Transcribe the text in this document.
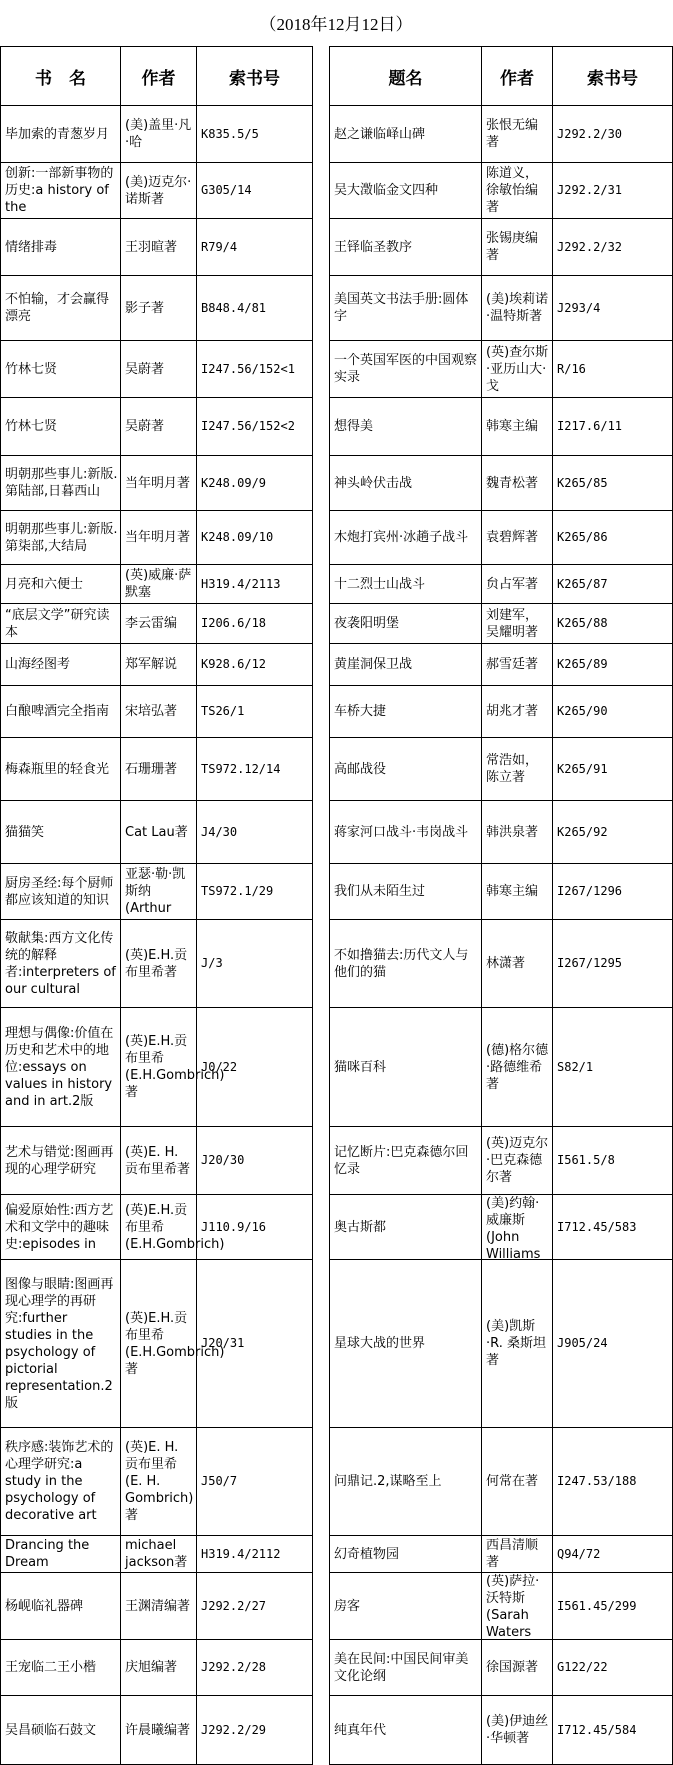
（2018年12月12日）
书　名	作者	索书号

毕加索的青葱岁月	(美)盖里·凡·哈	K835.5/5

创新:一部新事物的历史:a history of the	(美)迈克尔·诺斯著	G305/14

情绪排毒	王羽暄著	R79/4

不怕输，才会赢得漂亮	影子著	B848.4/81

竹林七贤	吴蔚著	I247.56/152<1

竹林七贤	吴蔚著	I247.56/152<2

明朝那些事儿:新版.第陆部,日暮西山	当年明月著	K248.09/9

明朝那些事儿:新版.第柒部,大结局	当年明月著	K248.09/10

月亮和六便士	(英)威廉·萨默塞	H319.4/2113

“底层文学”研究读本	李云雷编	I206.6/18

山海经图考	郑军解说	K928.6/12

白酿啤酒完全指南	宋培弘著	TS26/1

梅森瓶里的轻食光	石珊珊著	TS972.12/14

猫猫笑	Cat Lau著	J4/30

厨房圣经:每个厨师都应该知道的知识	亚瑟·勒·凯斯纳(Arthur	TS972.1/29

敬献集:西方文化传统的解释者:interpreters of our cultural	(英)E.H.贡布里希著	J/3

理想与偶像:价值在历史和艺术中的地位:essays on values in history and in art.2版	(英)E.H.贡布里希(E.H.Gombrich)著	J0/22

艺术与错觉:图画再现的心理学研究	(英)E. H. 贡布里希著	J20/30

偏爱原始性:西方艺术和文学中的趣味史:episodes in	(英)E.H.贡布里希(E.H.Gombrich)	J110.9/16

图像与眼睛:图画再现心理学的再研究:further studies in the psychology of pictorial representation.2版	(英)E.H.贡布里希(E.H.Gombrich)著	J20/31

秩序感:装饰艺术的心理学研究:a study in the psychology of decorative art	(英)E. H. 贡布里希(E. H. Gombrich)著	J50/7

Drancing the Dream	michael jackson著	H319.4/2112

杨岘临礼器碑	王渊清编著	J292.2/27

王宠临二王小楷	庆旭编著	J292.2/28

吴昌硕临石鼓文	许晨曦编著	J292.2/29
题名	作者	索书号

赵之谦临峄山碑	张恨无编著	J292.2/30

吴大澂临金文四种	陈道义，徐敏怡编著	J292.2/31

王铎临圣教序	张锡庚编著	J292.2/32

美国英文书法手册:圆体字	(美)埃莉诺·温特斯著	J293/4

一个英国军医的中国观察实录	(英)查尔斯·亚历山大·戈	R/16

想得美	韩寒主编	I217.6/11

神头岭伏击战	魏青松著	K265/85

木炮打宾州·冰趟子战斗	袁碧辉著	K265/86

十二烈士山战斗	贠占军著	K265/87

夜袭阳明堡	刘建军，吴耀明著	K265/88

黄崖洞保卫战	郝雪廷著	K265/89

车桥大捷	胡兆才著	K265/90

高邮战役	常浩如，陈立著	K265/91

蒋家河口战斗·韦岗战斗	韩洪泉著	K265/92

我们从未陌生过	韩寒主编	I267/1296

不如撸猫去:历代文人与他们的猫	林潇著	I267/1295

猫咪百科	(德)格尔德·路德维希著	S82/1

记忆断片:巴克森德尔回忆录	(英)迈克尔·巴克森德尔著	I561.5/8

奥古斯都	(美)约翰·威廉斯(John Williams	I712.45/583

星球大战的世界	(美)凯斯·R. 桑斯坦著	J905/24

问鼎记.2,谋略至上	何常在著	I247.53/188

幻奇植物园	西昌清顺著	Q94/72

房客	(英)萨拉·沃特斯(Sarah Waters	I561.45/299

美在民间:中国民间审美文化论纲	徐国源著	G122/22

纯真年代	(美)伊迪丝·华顿著	I712.45/584
